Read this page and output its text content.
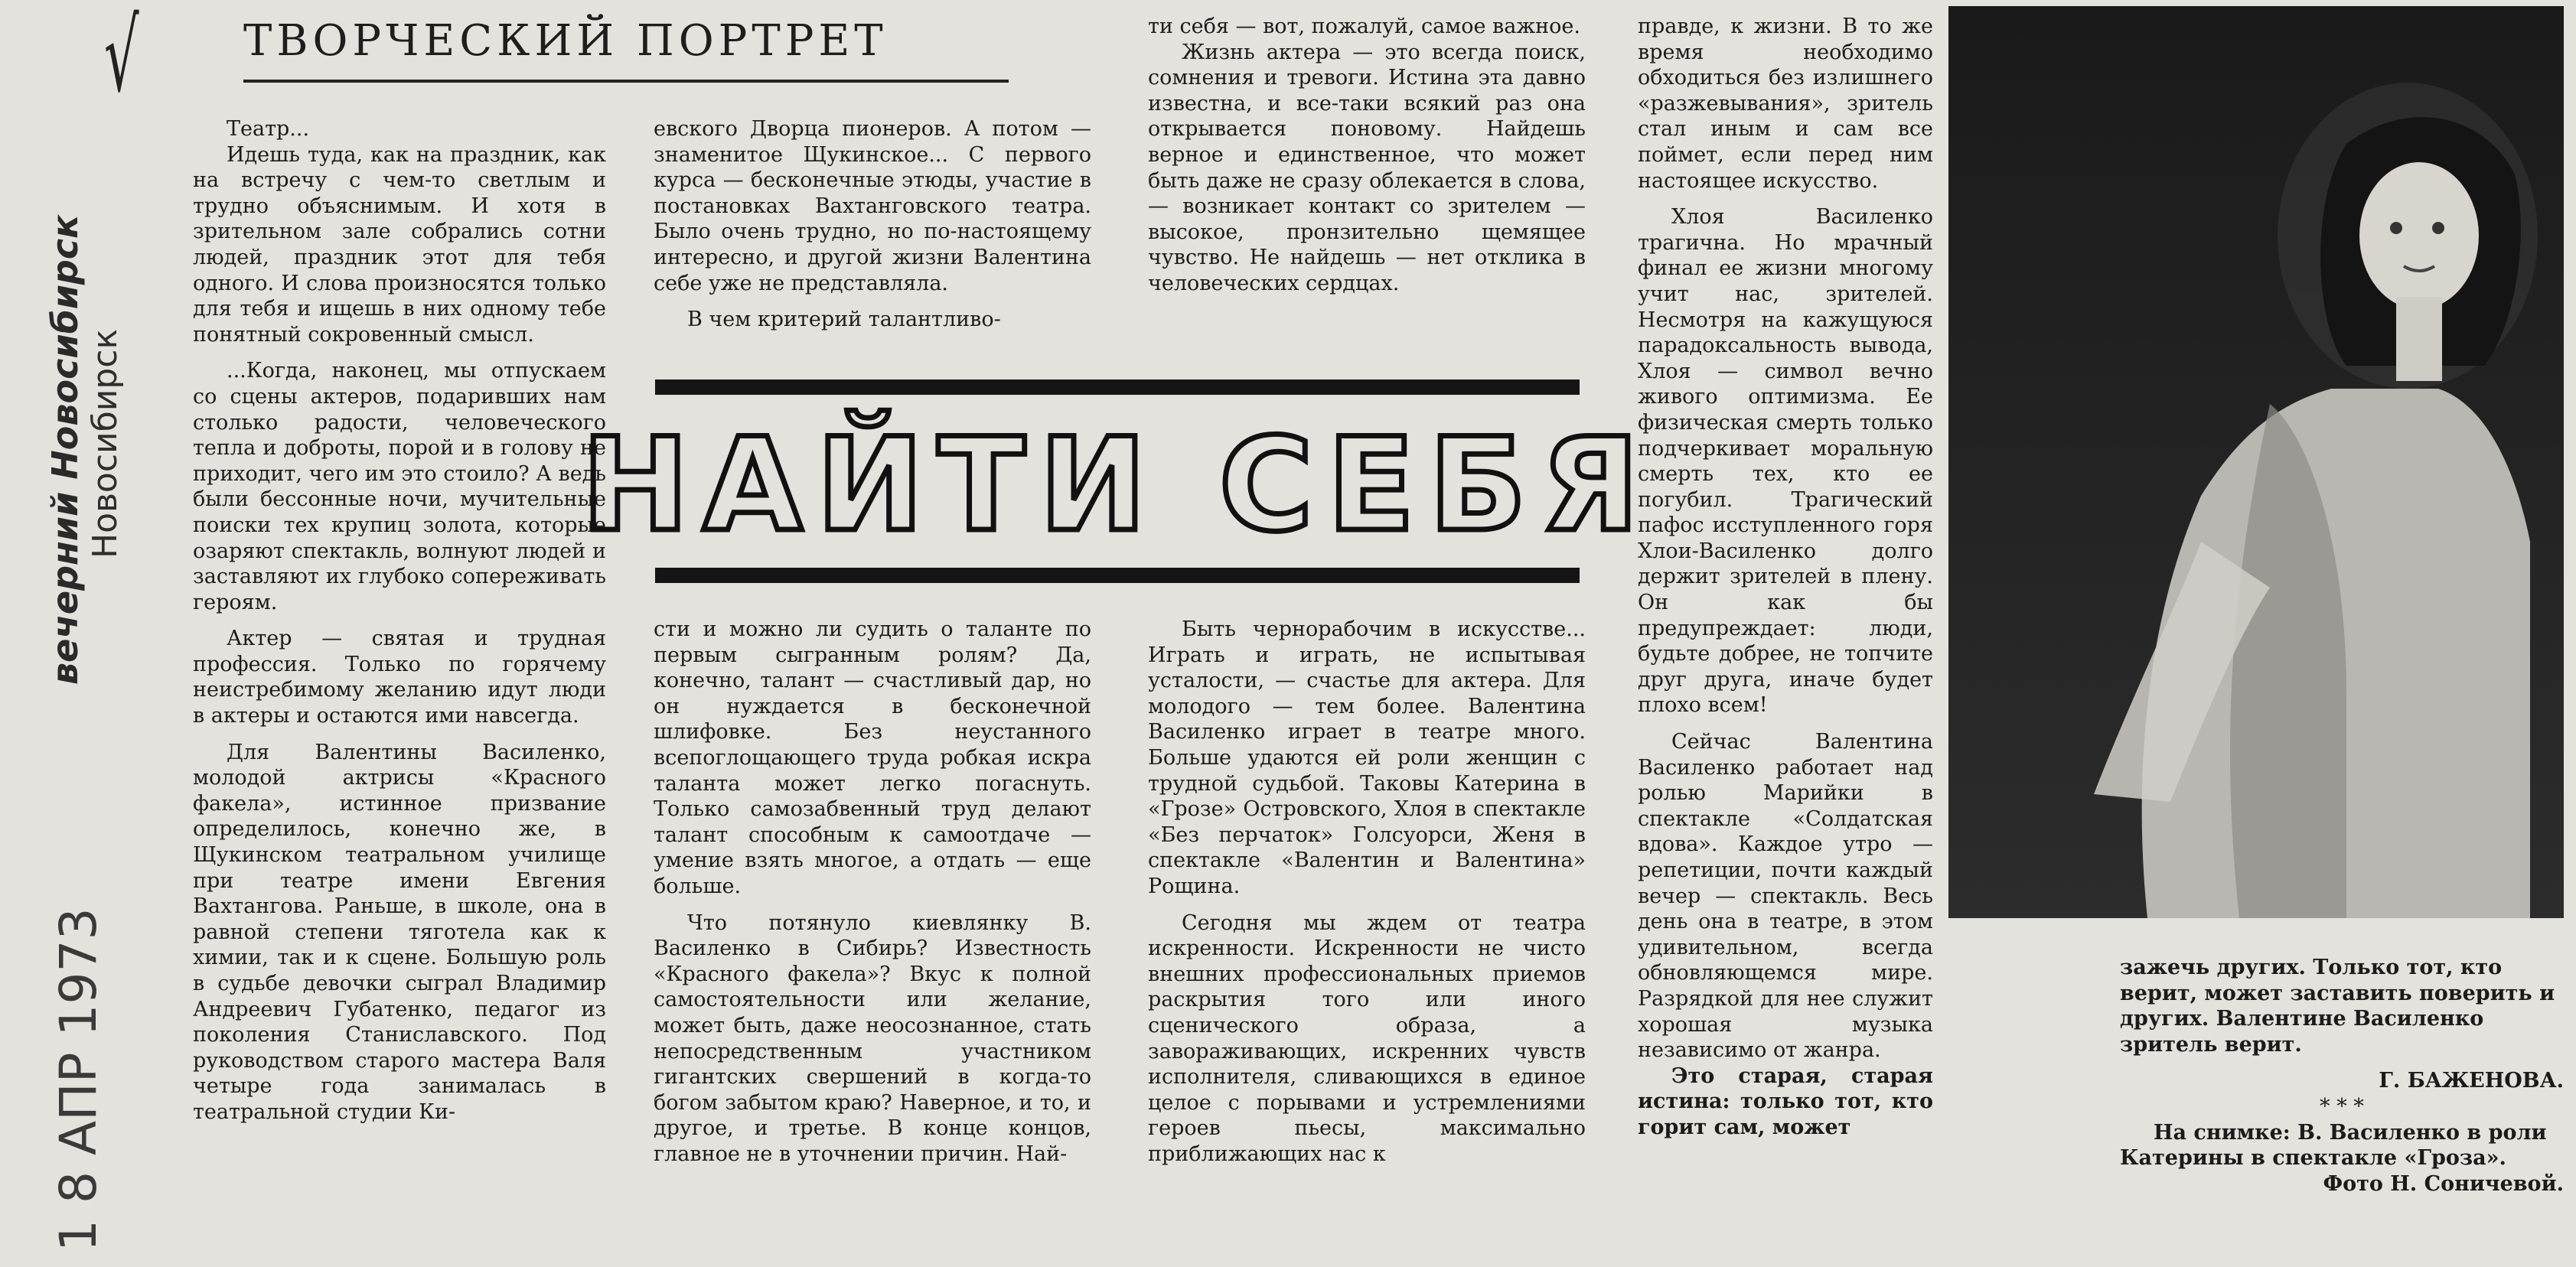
√ ТВОРЧЕСКИЙ ПОРТРЕТ
1 8 АПР 1973
вечерний Новосибирск Новосибирск

Театр...

Идешь туда, как на праздник, как на встречу с чем-то светлым и трудно объяснимым. И хотя в зрительном зале собрались сотни людей, праздник этот для тебя одного. И слова произносятся только для тебя и ищешь в них одному тебе понятный сокровенный смысл.

...Когда, наконец, мы отпускаем со сцены актеров, подаривших нам столько радости, человеческого тепла и доброты, порой и в голову не приходит, чего им это стоило? А ведь были бессонные ночи, мучительные поиски тех крупиц золота, которые озаряют спектакль, волнуют людей и заставляют их глубоко сопереживать героям.

Актер — святая и трудная профессия. Только по горячему неистребимому желанию идут люди в актеры и остаются ими навсегда.

Для Валентины Василенко, молодой актрисы «Красного факела», истинное призвание определилось, конечно же, в Щукинском театральном училище при театре имени Евгения Вахтангова. Раньше, в школе, она в равной степени тяготела как к химии, так и к сцене. Большую роль в судьбе девочки сыграл Владимир Андреевич Губатенко, педагог из поколения Станиславского. Под руководством старого мастера Валя четыре года занималась в театральной студии Ки-

евского Дворца пионеров. А потом — знаменитое Щукинское... С первого курса — бесконечные этюды, участие в постановках Вахтанговского театра. Было очень трудно, но по-настоящему интересно, и другой жизни Валентина себе уже не представляла.

В чем критерий талантливо-

ти себя — вот, пожалуй, самое важное.

Жизнь актера — это всегда поиск, сомнения и тревоги. Истина эта давно известна, и все-таки всякий раз она открывается поновому. Найдешь верное и единственное, что может быть даже не сразу облекается в слова, — возникает контакт со зрителем — высокое, пронзительно щемящее чувство. Не найдешь — нет отклика в человеческих сердцах.

НАЙТИ СЕБЯ

сти и можно ли судить о таланте по первым сыгранным ролям? Да, конечно, талант — счастливый дар, но он нуждается в бесконечной шлифовке. Без неустанного всепоглощающего труда робкая искра таланта может легко погаснуть. Только самозабвенный труд делают талант способным к самоотдаче — умение взять многое, а отдать — еще больше.

Что потянуло киевлянку В. Василенко в Сибирь? Известность «Красного факела»? Вкус к полной самостоятельности или желание, может быть, даже неосознанное, стать непосредственным участником гигантских свершений в когда-то богом забытом краю? Наверное, и то, и другое, и третье. В конце концов, главное не в уточнении причин. Най-

Быть чернорабочим в искусстве... Играть и играть, не испытывая усталости, — счастье для актера. Для молодого — тем более. Валентина Василенко играет в театре много. Больше удаются ей роли женщин с трудной судьбой. Таковы Катерина в «Грозе» Островского, Хлоя в спектакле «Без перчаток» Голсуорси, Женя в спектакле «Валентин и Валентина» Рощина.

Сегодня мы ждем от театра искренности. Искренности не чисто внешних профессиональных приемов раскрытия того или иного сценического образа, а завораживающих, искренних чувств исполнителя, сливающихся в единое целое с порывами и устремлениями героев пьесы, максимально приближающих нас к

правде, к жизни. В то же время необходимо обходиться без излишнего «разжевывания», зритель стал иным и сам все поймет, если перед ним настоящее искусство.

Хлоя Василенко трагична. Но мрачный финал ее жизни многому учит нас, зрителей. Несмотря на кажущуюся парадоксальность вывода, Хлоя — символ вечно живого оптимизма. Ее физическая смерть только подчеркивает моральную смерть тех, кто ее погубил. Трагический пафос исступленного горя Хлои-Василенко долго держит зрителей в плену. Он как бы предупреждает: люди, будьте добрее, не топчите друг друга, иначе будет плохо всем!

Сейчас Валентина Василенко работает над ролью Марийки в спектакле «Солдатская вдова». Каждое утро — репетиции, почти каждый вечер — спектакль. Весь день она в театре, в этом удивительном, всегда обновляющемся мире. Разрядкой для нее служит хорошая музыка независимо от жанра.

Это старая, старая истина: только тот, кто горит сам, может

зажечь других. Только тот, кто верит, может заставить поверить и других. Валентине Василенко зритель верит.

Г. БАЖЕНОВА.

* * *

На снимке: В. Василенко в роли Катерины в спектакле «Гроза».

Фото Н. Соничевой.
